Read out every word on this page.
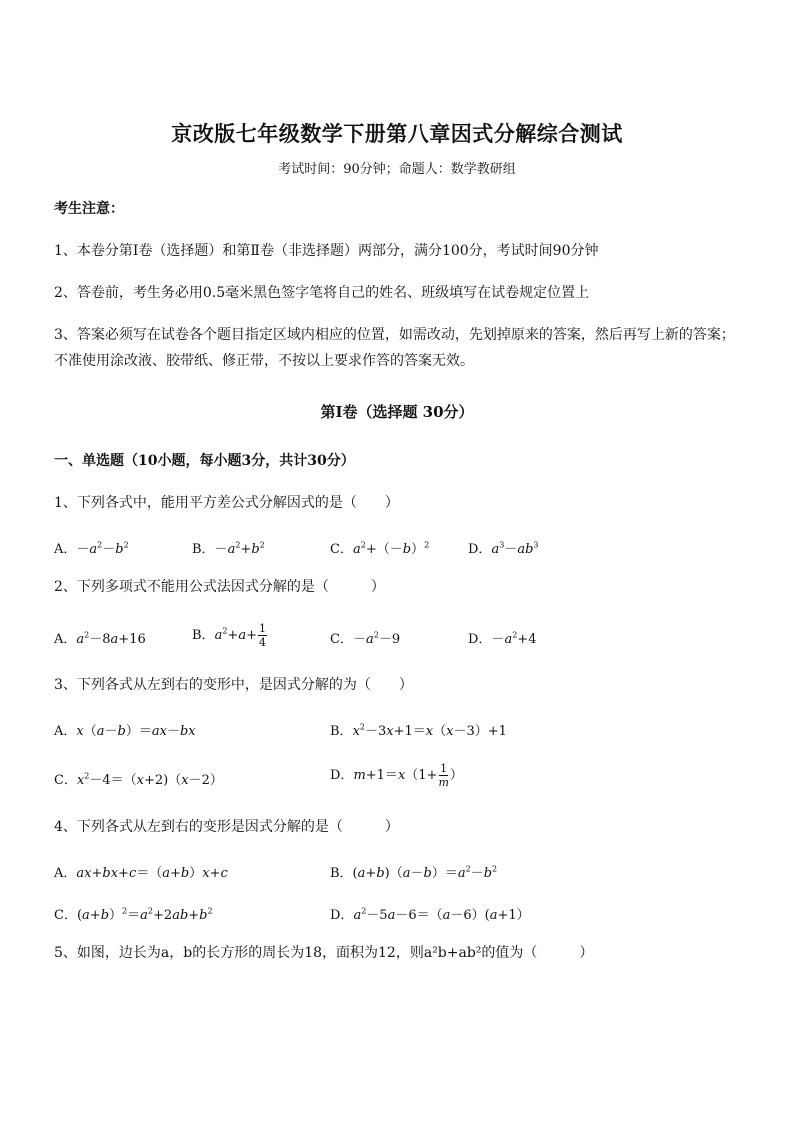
京改版七年级数学下册第八章因式分解综合测试
考试时间：90分钟；命题人：数学教研组
考生注意：
1、本卷分第Ⅰ卷（选择题）和第Ⅱ卷（非选择题）两部分，满分100分，考试时间90分钟
2、答卷前，考生务必用0.5毫米黑色签字笔将自己的姓名、班级填写在试卷规定位置上
3、答案必须写在试卷各个题目指定区域内相应的位置，如需改动，先划掉原来的答案，然后再写上新的答案；不准使用涂改液、胶带纸、修正带，不按以上要求作答的答案无效。
第Ⅰ卷（选择题 30分）
一、单选题（10小题，每小题3分，共计30分）
1、下列各式中，能用平方差公式分解因式的是（　　）
A．$-a^2-b^2$	B．$-a^2+b^2$	C．$a^2+(-b)^2$	D．$a^3-ab^3$
2、下列多项式不能用公式法因式分解的是（　　　）
A．$a^2-8a+16$	B．$a^2+a+ \frac{1}{4}$	C．$-a^2-9$	D．$-a^2+4$
3、下列各式从左到右的变形中，是因式分解的为（　　）
A．x（a－b）＝ax－bx	B．$x^2-3x+1=x(x-3)+1$
C．$x^2-4=(x+2)(x-2)$	D．$m+1=x(1+ \frac{1}{m}$ ）
4、下列各式从左到右的变形是因式分解的是（　　　）
A．ax+bx+c＝（a+b）x+c	B．$(a+b)(a-b)=a^2-b^2$
C．$(a+b)^2=a^2+2ab+b^2$	D．$a^2-5a-6=(a-6)(a+1)$
5、如图，边长为a，b的长方形的周长为18，面积为12，则a²b+ab²的值为（　　　）
